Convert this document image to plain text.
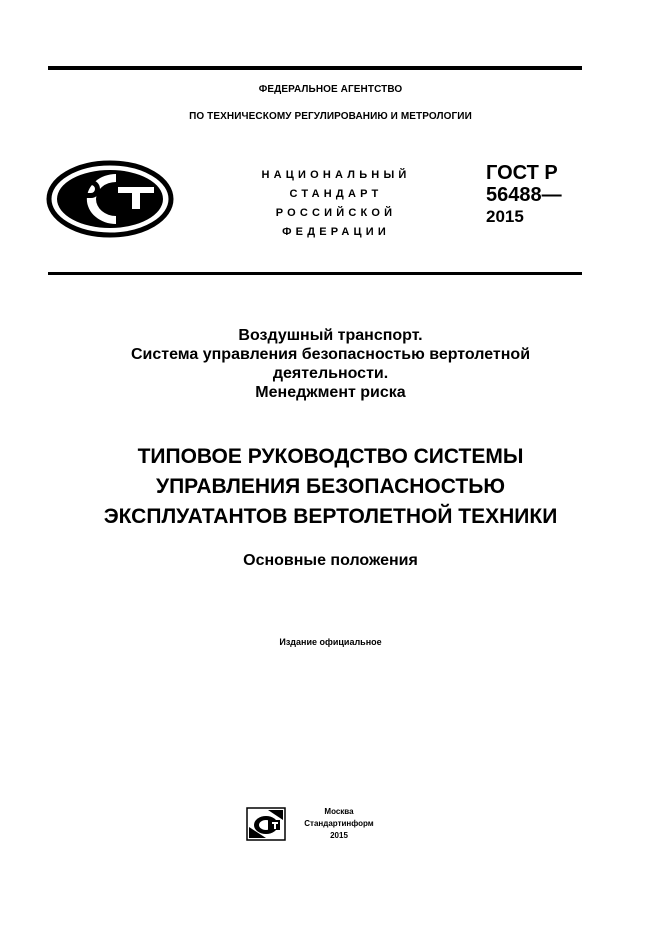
ФЕДЕРАЛЬНОЕ АГЕНТСТВО
ПО ТЕХНИЧЕСКОМУ РЕГУЛИРОВАНИЮ И МЕТРОЛОГИИ
НАЦИОНАЛЬНЫЙ
СТАНДАРТ
РОССИЙСКОЙ
ФЕДЕРАЦИИ
ГОСТ Р
56488—
2015
Воздушный транспорт.
Система управления безопасностью вертолетной
деятельности.
Менеджмент риска
ТИПОВОЕ РУКОВОДСТВО СИСТЕМЫ
УПРАВЛЕНИЯ БЕЗОПАСНОСТЬЮ
ЭКСПЛУАТАНТОВ ВЕРТОЛЕТНОЙ ТЕХНИКИ
Основные положения
Издание официальное
Москва
Стандартинформ
2015
